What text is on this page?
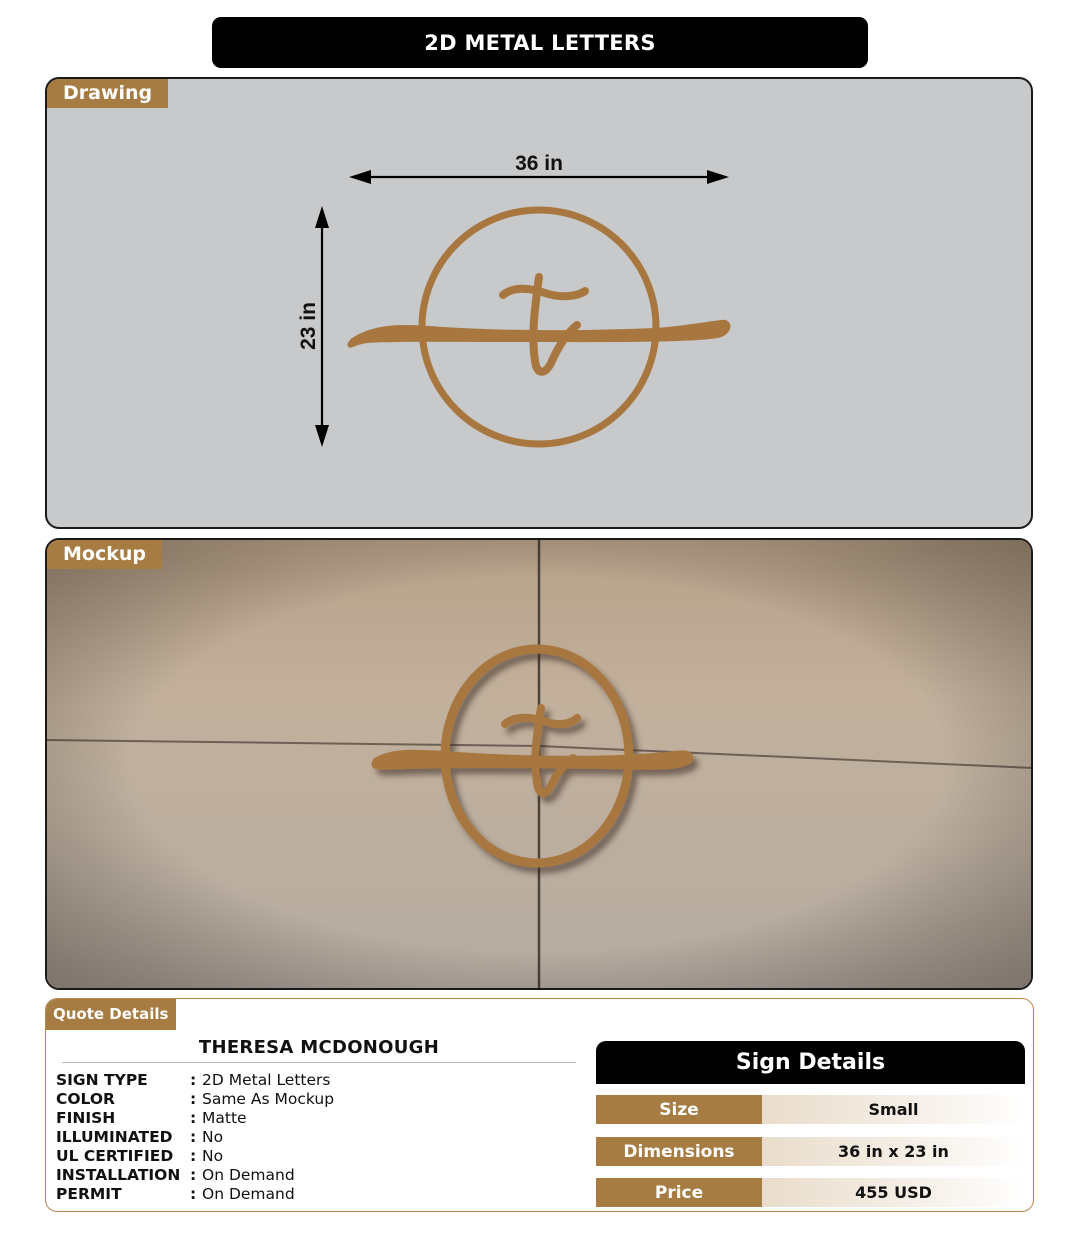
2D METAL LETTERS
Drawing
36 in
23 in
Mockup
Quote Details
THERESA MCDONOUGH
SIGN TYPE	: 2D Metal Letters
COLOR	: Same As Mockup
FINISH	: Matte
ILLUMINATED	: No
UL CERTIFIED	: No
INSTALLATION : On Demand
PERMIT	: On Demand
Sign Details
Size	Small
Dimensions	36 in x 23 in
Price	455 USD
